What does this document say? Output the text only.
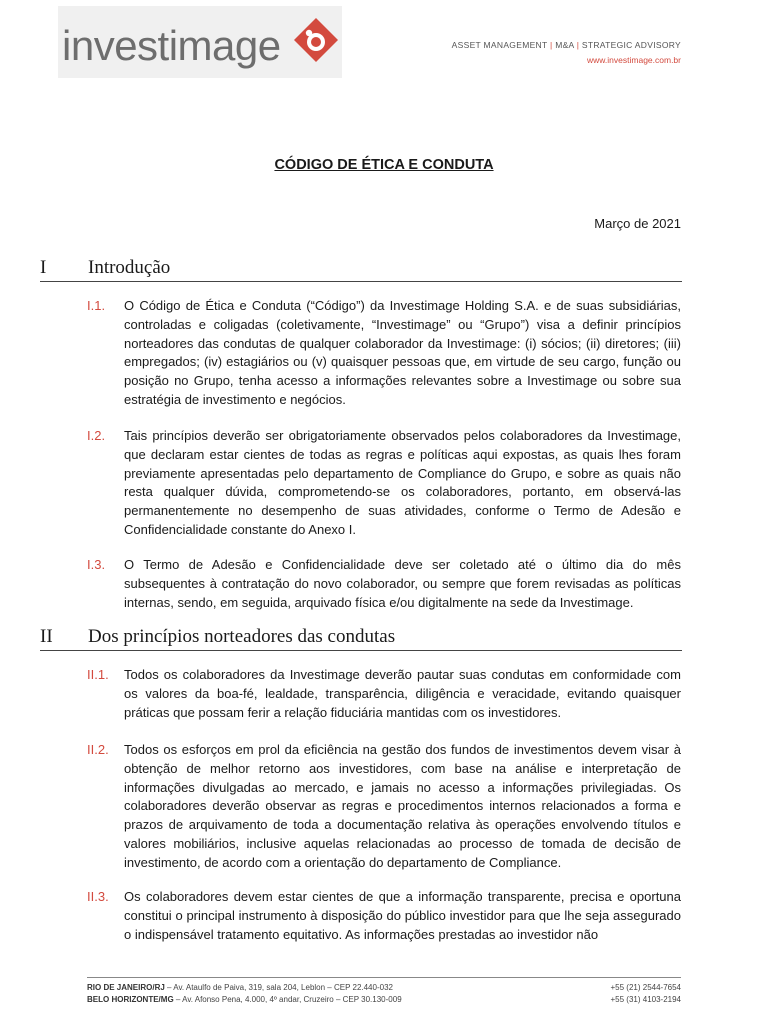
investimage	ASSET MANAGEMENT | M&A | STRATEGIC ADVISORY
www.investimage.com.br
CÓDIGO DE ÉTICA E CONDUTA
Março de 2021
I Introdução
I.1. O Código de Ética e Conduta (“Código”) da Investimage Holding S.A. e de suas subsidiárias, controladas e coligadas (coletivamente, “Investimage” ou “Grupo”) visa a definir princípios norteadores das condutas de qualquer colaborador da Investimage: (i) sócios; (ii) diretores; (iii) empregados; (iv) estagiários ou (v) quaisquer pessoas que, em virtude de seu cargo, função ou posição no Grupo, tenha acesso a informações relevantes sobre a Investimage ou sobre sua estratégia de investimento e negócios.
I.2. Tais princípios deverão ser obrigatoriamente observados pelos colaboradores da Investimage, que declaram estar cientes de todas as regras e políticas aqui expostas, as quais lhes foram previamente apresentadas pelo departamento de Compliance do Grupo, e sobre as quais não resta qualquer dúvida, comprometendo-se os colaboradores, portanto, em observá-las permanentemente no desempenho de suas atividades, conforme o Termo de Adesão e Confidencialidade constante do Anexo I.
I.3. O Termo de Adesão e Confidencialidade deve ser coletado até o último dia do mês subsequentes à contratação do novo colaborador, ou sempre que forem revisadas as políticas internas, sendo, em seguida, arquivado física e/ou digitalmente na sede da Investimage.
II Dos princípios norteadores das condutas
II.1. Todos os colaboradores da Investimage deverão pautar suas condutas em conformidade com os valores da boa-fé, lealdade, transparência, diligência e veracidade, evitando quaisquer práticas que possam ferir a relação fiduciária mantidas com os investidores.
II.2. Todos os esforços em prol da eficiência na gestão dos fundos de investimentos devem visar à obtenção de melhor retorno aos investidores, com base na análise e interpretação de informações divulgadas ao mercado, e jamais no acesso a informações privilegiadas. Os colaboradores deverão observar as regras e procedimentos internos relacionados a forma e prazos de arquivamento de toda a documentação relativa às operações envolvendo títulos e valores mobiliários, inclusive aquelas relacionadas ao processo de tomada de decisão de investimento, de acordo com a orientação do departamento de Compliance.
II.3. Os colaboradores devem estar cientes de que a informação transparente, precisa e oportuna constitui o principal instrumento à disposição do público investidor para que lhe seja assegurado o indispensável tratamento equitativo. As informações prestadas ao investidor não
RIO DE JANEIRO/RJ – Av. Ataulfo de Paiva, 319, sala 204, Leblon – CEP 22.440-032	+55 (21) 2544-7654
BELO HORIZONTE/MG – Av. Afonso Pena, 4.000, 4º andar, Cruzeiro – CEP 30.130-009	+55 (31) 4103-2194
